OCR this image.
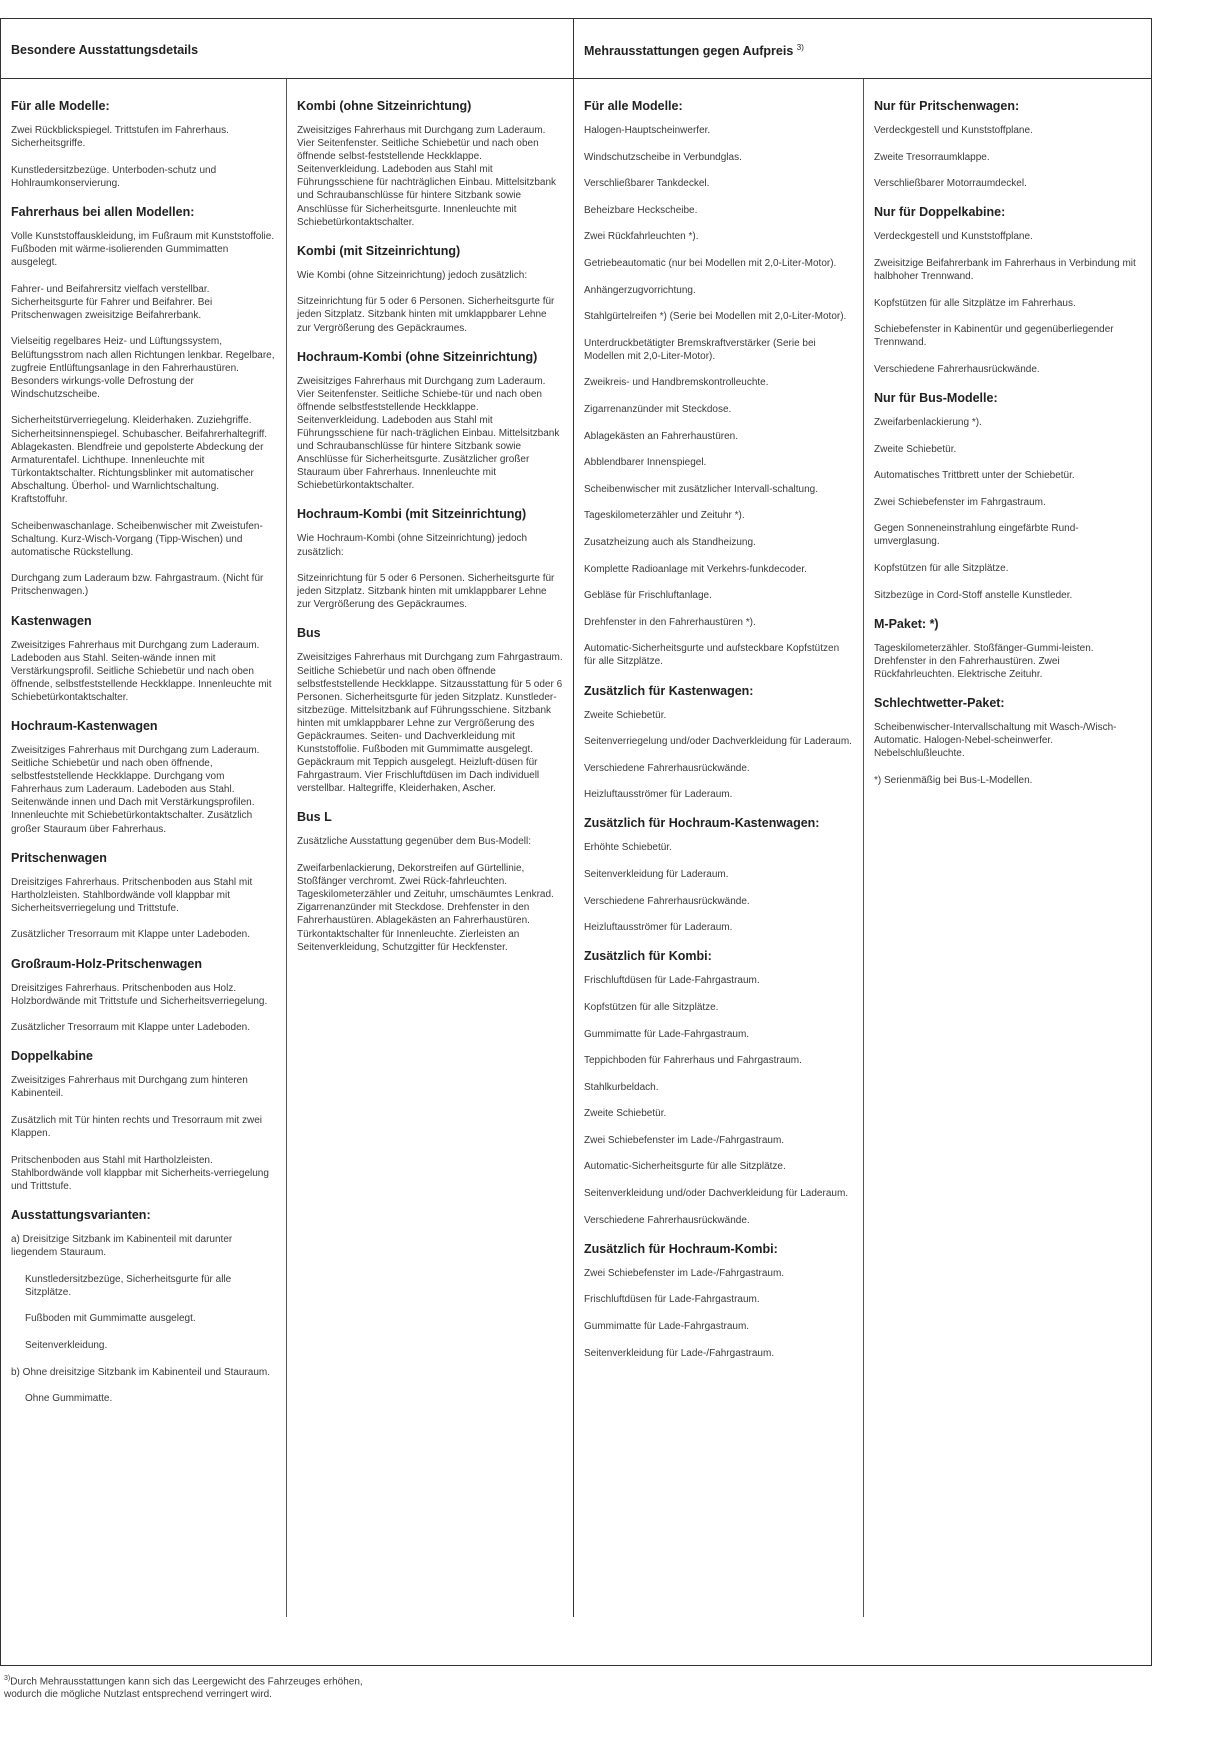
Besondere Ausstattungsdetails	Mehrausstattungen gegen Aufpreis $^{3)}$
Für alle Modelle:
Zwei Rückblickspiegel. Trittstufen im Fahrerhaus. Sicherheitsgriffe.
Kunstledersitzbezüge. Unterboden-schutz und Hohlraumkonservierung.
Fahrerhaus bei allen Modellen:
Volle Kunststoffauskleidung, im Fußraum mit Kunststoffolie. Fußboden mit wärme-isolierenden Gummimatten ausgelegt.
Fahrer- und Beifahrersitz vielfach verstellbar. Sicherheitsgurte für Fahrer und Beifahrer. Bei Pritschenwagen zweisitzige Beifahrerbank.
Vielseitig regelbares Heiz- und Lüftungssystem, Belüftungsstrom nach allen Richtungen lenkbar. Regelbare, zugfreie Entlüftungsanlage in den Fahrerhaustüren. Besonders wirkungs-volle Defrostung der Windschutzscheibe.
Sicherheitstürverriegelung. Kleiderhaken. Zuziehgriffe. Sicherheitsinnenspiegel. Schubascher. Beifahrerhaltegriff. Ablagekasten. Blendfreie und gepolsterte Abdeckung der Armaturentafel. Lichthupe. Innenleuchte mit Türkontaktschalter. Richtungsblinker mit automatischer Abschaltung. Überhol- und Warnlichtschaltung. Kraftstoffuhr.
Scheibenwaschanlage. Scheibenwischer mit Zweistufen-Schaltung. Kurz-Wisch-Vorgang (Tipp-Wischen) und automatische Rückstellung.
Durchgang zum Laderaum bzw. Fahrgastraum. (Nicht für Pritschenwagen.)
Kastenwagen
Zweisitziges Fahrerhaus mit Durchgang zum Laderaum. Ladeboden aus Stahl. Seiten-wände innen mit Verstärkungsprofil. Seitliche Schiebetür und nach oben öffnende, selbstfeststellende Heckklappe. Innenleuchte mit Schiebetürkontaktschalter.
Hochraum-Kastenwagen
Zweisitziges Fahrerhaus mit Durchgang zum Laderaum. Seitliche Schiebetür und nach oben öffnende, selbstfeststellende Heckklappe. Durchgang vom Fahrerhaus zum Laderaum. Ladeboden aus Stahl. Seitenwände innen und Dach mit Verstärkungsprofilen. Innenleuchte mit Schiebetürkontaktschalter. Zusätzlich großer Stauraum über Fahrerhaus.
Pritschenwagen
Dreisitziges Fahrerhaus. Pritschenboden aus Stahl mit Hartholzleisten. Stahlbordwände voll klappbar mit Sicherheitsverriegelung und Trittstufe.
Zusätzlicher Tresorraum mit Klappe unter Ladeboden.
Großraum-Holz-Pritschenwagen
Dreisitziges Fahrerhaus. Pritschenboden aus Holz. Holzbordwände mit Trittstufe und Sicherheitsverriegelung.
Zusätzlicher Tresorraum mit Klappe unter Ladeboden.
Doppelkabine
Zweisitziges Fahrerhaus mit Durchgang zum hinteren Kabinenteil.
Zusätzlich mit Tür hinten rechts und Tresorraum mit zwei Klappen.
Pritschenboden aus Stahl mit Hartholzleisten. Stahlbordwände voll klappbar mit Sicherheits-verriegelung und Trittstufe.
Ausstattungsvarianten:
a) Dreisitzige Sitzbank im Kabinenteil mit darunter liegendem Stauraum.
Kunstledersitzbezüge, Sicherheitsgurte für alle Sitzplätze.
Fußboden mit Gummimatte ausgelegt.
Seitenverkleidung.
b) Ohne dreisitzige Sitzbank im Kabinenteil und Stauraum.
Ohne Gummimatte.
Kombi (ohne Sitzeinrichtung)
Zweisitziges Fahrerhaus mit Durchgang zum Laderaum. Vier Seitenfenster. Seitliche Schiebetür und nach oben öffnende selbst-feststellende Heckklappe. Seitenverkleidung. Ladeboden aus Stahl mit Führungsschiene für nachträglichen Einbau. Mittelsitzbank und Schraubanschlüsse für hintere Sitzbank sowie Anschlüsse für Sicherheitsgurte. Innenleuchte mit Schiebetürkontaktschalter.
Kombi (mit Sitzeinrichtung)
Wie Kombi (ohne Sitzeinrichtung) jedoch zusätzlich:
Sitzeinrichtung für 5 oder 6 Personen. Sicherheitsgurte für jeden Sitzplatz. Sitzbank hinten mit umklappbarer Lehne zur Vergrößerung des Gepäckraumes.
Hochraum-Kombi (ohne Sitzeinrichtung)
Zweisitziges Fahrerhaus mit Durchgang zum Laderaum. Vier Seitenfenster. Seitliche Schiebe-tür und nach oben öffnende selbstfeststellende Heckklappe. Seitenverkleidung. Ladeboden aus Stahl mit Führungsschiene für nach-träglichen Einbau. Mittelsitzbank und Schraubanschlüsse für hintere Sitzbank sowie Anschlüsse für Sicherheitsgurte. Zusätzlicher großer Stauraum über Fahrerhaus. Innenleuchte mit Schiebetürkontaktschalter.
Hochraum-Kombi (mit Sitzeinrichtung)
Wie Hochraum-Kombi (ohne Sitzeinrichtung) jedoch zusätzlich:
Sitzeinrichtung für 5 oder 6 Personen. Sicherheitsgurte für jeden Sitzplatz. Sitzbank hinten mit umklappbarer Lehne zur Vergrößerung des Gepäckraumes.
Bus
Zweisitziges Fahrerhaus mit Durchgang zum Fahrgastraum. Seitliche Schiebetür und nach oben öffnende selbstfeststellende Heckklappe. Sitzausstattung für 5 oder 6 Personen. Sicherheitsgurte für jeden Sitzplatz. Kunstleder-sitzbezüge. Mittelsitzbank auf Führungsschiene. Sitzbank hinten mit umklappbarer Lehne zur Vergrößerung des Gepäckraumes. Seiten- und Dachverkleidung mit Kunststoffolie. Fußboden mit Gummimatte ausgelegt. Gepäckraum mit Teppich ausgelegt. Heizluft-düsen für Fahrgastraum. Vier Frischluftdüsen im Dach individuell verstellbar. Haltegriffe, Kleiderhaken, Ascher.
Bus L
Zusätzliche Ausstattung gegenüber dem Bus-Modell:
Zweifarbenlackierung, Dekorstreifen auf Gürtellinie, Stoßfänger verchromt. Zwei Rück-fahrleuchten. Tageskilometerzähler und Zeituhr, umschäumtes Lenkrad. Zigarrenanzünder mit Steckdose. Drehfenster in den Fahrerhaustüren. Ablagekästen an Fahrerhaustüren. Türkontaktschalter für Innenleuchte. Zierleisten an Seitenverkleidung, Schutzgitter für Heckfenster.
Für alle Modelle:
Halogen-Hauptscheinwerfer.
Windschutzscheibe in Verbundglas.
Verschließbarer Tankdeckel.
Beheizbare Heckscheibe.
Zwei Rückfahrleuchten *).
Getriebeautomatic (nur bei Modellen mit 2,0-Liter-Motor).
Anhängerzugvorrichtung.
Stahlgürtelreifen *) (Serie bei Modellen mit 2,0-Liter-Motor).
Unterdruckbetätigter Bremskraftverstärker (Serie bei Modellen mit 2,0-Liter-Motor).
Zweikreis- und Handbremskontrolleuchte.
Zigarrenanzünder mit Steckdose.
Ablagekästen an Fahrerhaustüren.
Abblendbarer Innenspiegel.
Scheibenwischer mit zusätzlicher Intervall-schaltung.
Tageskilometerzähler und Zeituhr *).
Zusatzheizung auch als Standheizung.
Komplette Radioanlage mit Verkehrs-funkdecoder.
Gebläse für Frischluftanlage.
Drehfenster in den Fahrerhaustüren *).
Automatic-Sicherheitsgurte und aufsteckbare Kopfstützen für alle Sitzplätze.
Zusätzlich für Kastenwagen:
Zweite Schiebetür.
Seitenverriegelung und/oder Dachverkleidung für Laderaum.
Verschiedene Fahrerhausrückwände.
Heizluftausströmer für Laderaum.
Zusätzlich für Hochraum-Kastenwagen:
Erhöhte Schiebetür.
Seitenverkleidung für Laderaum.
Verschiedene Fahrerhausrückwände.
Heizluftausströmer für Laderaum.
Zusätzlich für Kombi:
Frischluftdüsen für Lade-Fahrgastraum.
Kopfstützen für alle Sitzplätze.
Gummimatte für Lade-Fahrgastraum.
Teppichboden für Fahrerhaus und Fahrgastraum.
Stahlkurbeldach.
Zweite Schiebetür.
Zwei Schiebefenster im Lade-/Fahrgastraum.
Automatic-Sicherheitsgurte für alle Sitzplätze.
Seitenverkleidung und/oder Dachverkleidung für Laderaum.
Verschiedene Fahrerhausrückwände.
Zusätzlich für Hochraum-Kombi:
Zwei Schiebefenster im Lade-/Fahrgastraum.
Frischluftdüsen für Lade-Fahrgastraum.
Gummimatte für Lade-Fahrgastraum.
Seitenverkleidung für Lade-/Fahrgastraum.
Nur für Pritschenwagen:
Verdeckgestell und Kunststoffplane.
Zweite Tresorraumklappe.
Verschließbarer Motorraumdeckel.
Nur für Doppelkabine:
Verdeckgestell und Kunststoffplane.
Zweisitzige Beifahrerbank im Fahrerhaus in Verbindung mit halbhoher Trennwand.
Kopfstützen für alle Sitzplätze im Fahrerhaus.
Schiebefenster in Kabinentür und gegenüberliegender Trennwand.
Verschiedene Fahrerhausrückwände.
Nur für Bus-Modelle:
Zweifarbenlackierung *).
Zweite Schiebetür.
Automatisches Trittbrett unter der Schiebetür.
Zwei Schiebefenster im Fahrgastraum.
Gegen Sonneneinstrahlung eingefärbte Rund-umverglasung.
Kopfstützen für alle Sitzplätze.
Sitzbezüge in Cord-Stoff anstelle Kunstleder.
M-Paket: *)
Tageskilometerzähler. Stoßfänger-Gummi-leisten. Drehfenster in den Fahrerhaustüren. Zwei Rückfahrleuchten. Elektrische Zeituhr.
Schlechtwetter-Paket:
Scheibenwischer-Intervallschaltung mit Wasch-/Wisch-Automatic. Halogen-Nebel-scheinwerfer. Nebelschlußleuchte.
*) Serienmäßig bei Bus-L-Modellen.
$^{3)}$Durch Mehrausstattungen kann sich das Leergewicht des Fahrzeuges erhöhen,
wodurch die mögliche Nutzlast entsprechend verringert wird.
